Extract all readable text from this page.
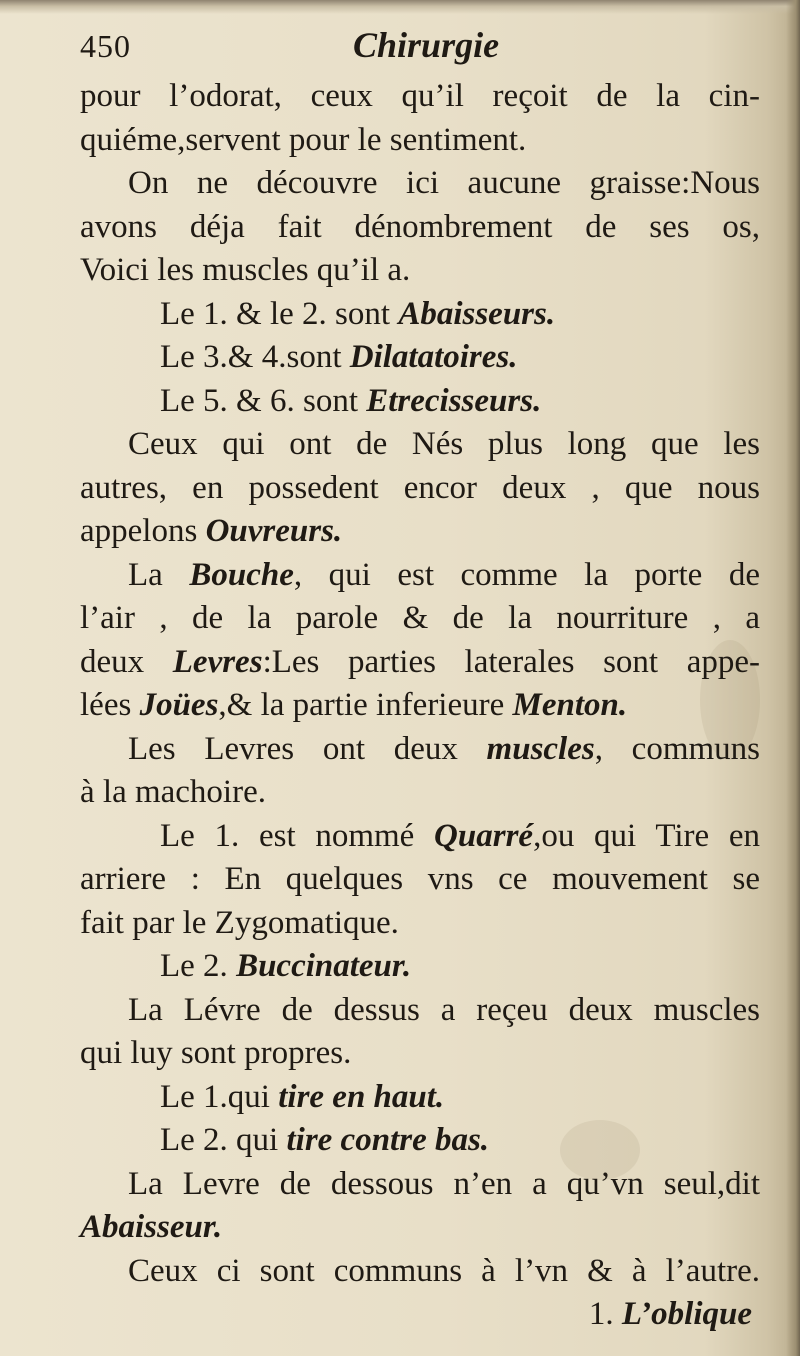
450	Chirurgie
pour l’odorat, ceux qu’il reçoit de la cin-
quiéme,servent pour le sentiment.
On ne découvre ici aucune graisse:Nous
avons déja fait dénombrement de ses os,
Voici les muscles qu’il a.
Le 1. & le 2. sont Abaisseurs.
Le 3.& 4.sont Dilatatoires.
Le 5. & 6. sont Etrecisseurs.
Ceux qui ont de Nés plus long que les
autres, en possedent encor deux , que nous
appelons Ouvreurs.
La Bouche, qui est comme la porte de
l’air , de la parole & de la nourriture , a
deux Levres:Les parties laterales sont appe-
lées Joües,& la partie inferieure Menton.
Les Levres ont deux muscles, communs
à la machoire.
Le 1. est nommé Quarré,ou qui Tire en
arriere : En quelques vns ce mouvement se
fait par le Zygomatique.
Le 2. Buccinateur.
La Lévre de dessus a reçeu deux muscles
qui luy sont propres.
Le 1.qui tire en haut.
Le 2. qui tire contre bas.
La Levre de dessous n’en a qu’vn seul,dit
Abaisseur.
Ceux ci sont communs à l’vn & à l’autre.
1. L’oblique
